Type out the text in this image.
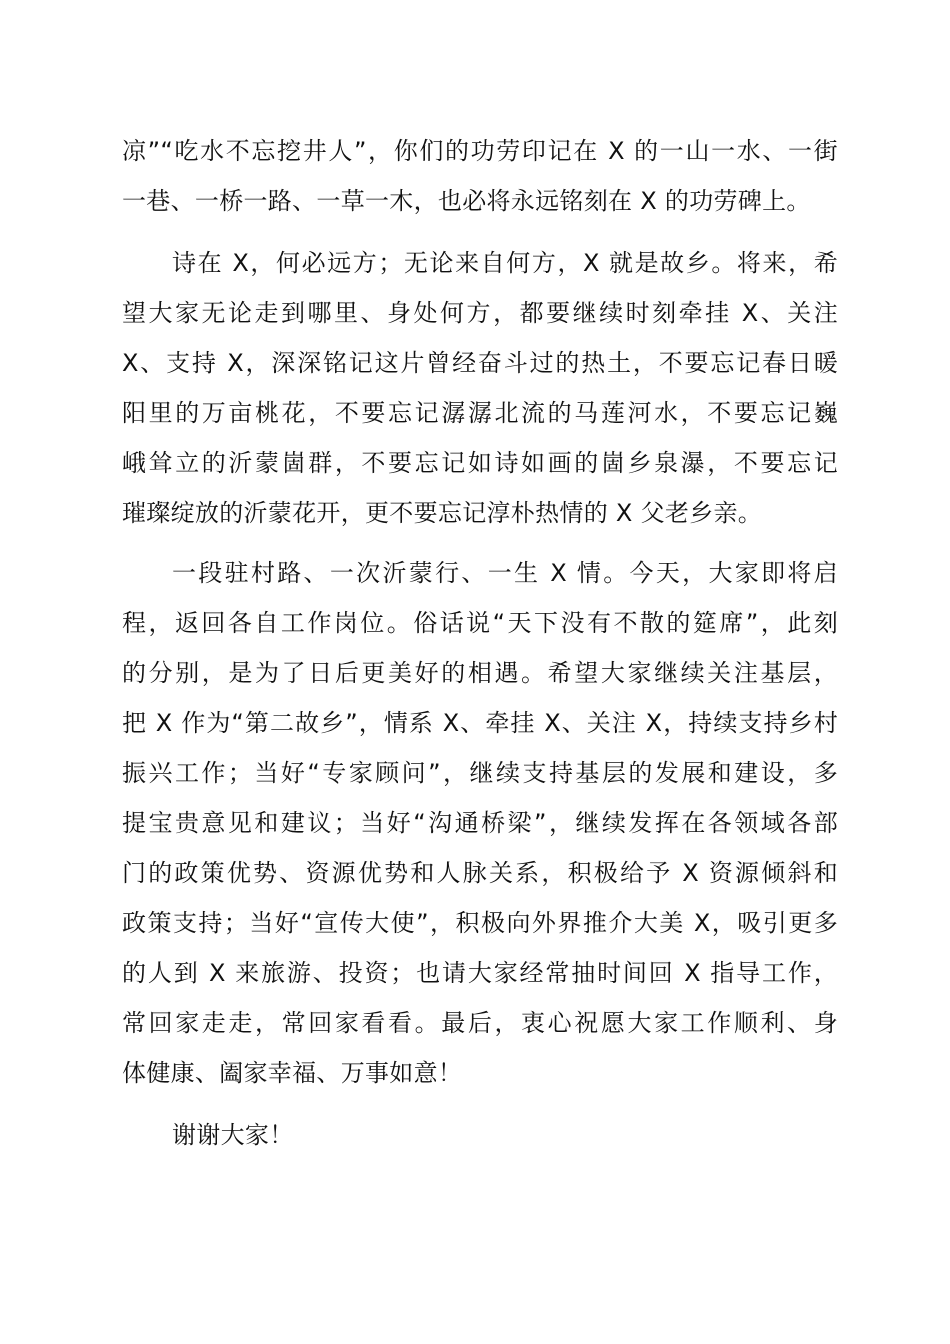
凉”“吃水不忘挖井人”，你们的功劳印记在 X 的一山一水、一街
一巷、一桥一路、一草一木，也必将永远铭刻在 X 的功劳碑上。
诗在 X，何必远方；无论来自何方，X 就是故乡。将来，希
望大家无论走到哪里、身处何方，都要继续时刻牵挂 X、关注
X、支持 X，深深铭记这片曾经奋斗过的热土，不要忘记春日暖
阳里的万亩桃花，不要忘记潺潺北流的马莲河水，不要忘记巍
峨耸立的沂蒙崮群，不要忘记如诗如画的崮乡泉瀑，不要忘记
璀璨绽放的沂蒙花开，更不要忘记淳朴热情的 X 父老乡亲。
一段驻村路、一次沂蒙行、一生 X 情。今天，大家即将启
程，返回各自工作岗位。俗话说“天下没有不散的筵席”，此刻
的分别，是为了日后更美好的相遇。希望大家继续关注基层，
把 X 作为“第二故乡”，情系 X、牵挂 X、关注 X，持续支持乡村
振兴工作；当好“专家顾问”，继续支持基层的发展和建设，多
提宝贵意见和建议；当好“沟通桥梁”，继续发挥在各领域各部
门的政策优势、资源优势和人脉关系，积极给予 X 资源倾斜和
政策支持；当好“宣传大使”，积极向外界推介大美 X，吸引更多
的人到 X 来旅游、投资；也请大家经常抽时间回 X 指导工作，
常回家走走，常回家看看。最后，衷心祝愿大家工作顺利、身
体健康、阖家幸福、万事如意！
谢谢大家！
